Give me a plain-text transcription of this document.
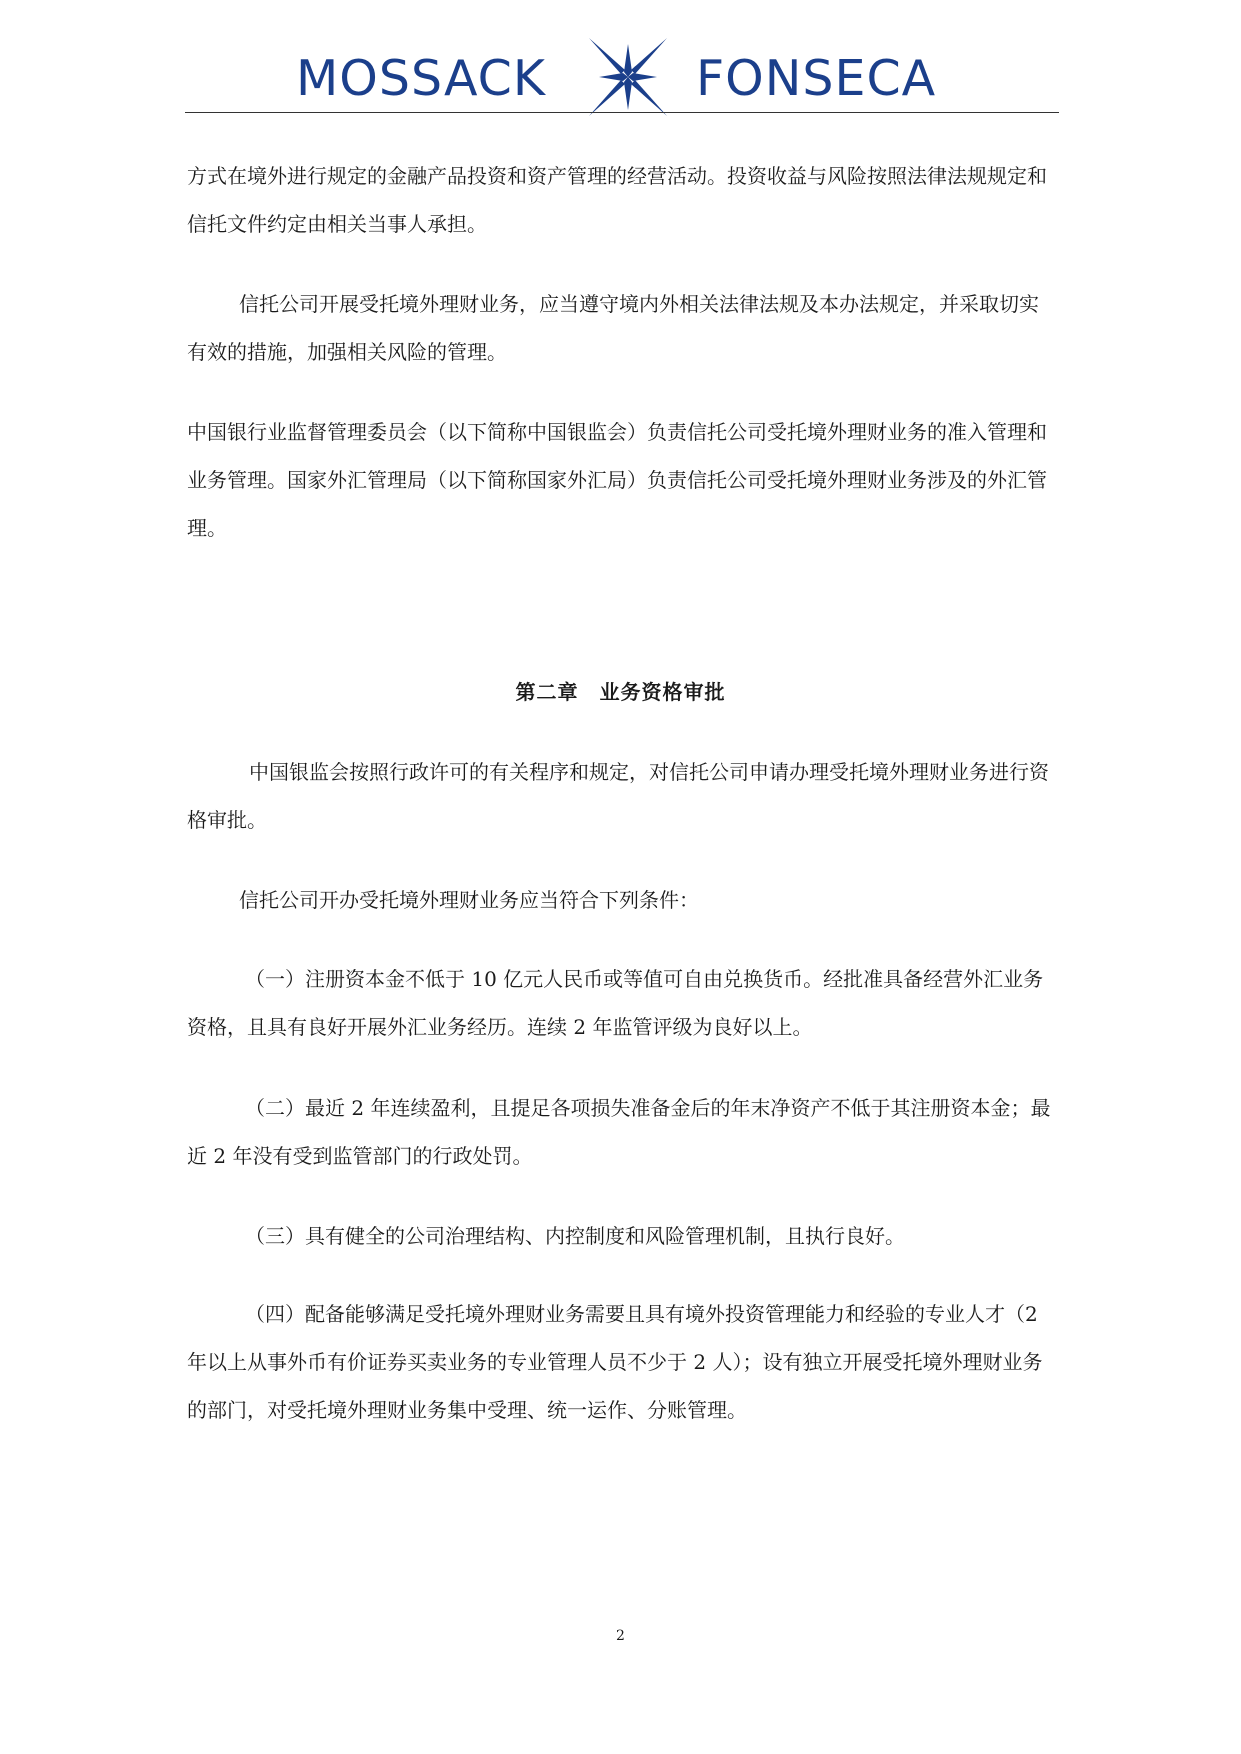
MOSSACK	FONSECA

方式在境外进行规定的金融产品投资和资产管理的经营活动。投资收益与风险按照法律法规规定和信托文件约定由相关当事人承担。

信托公司开展受托境外理财业务，应当遵守境内外相关法律法规及本办法规定，并采取切实有效的措施，加强相关风险的管理。

中国银行业监督管理委员会（以下简称中国银监会）负责信托公司受托境外理财业务的准入管理和业务管理。国家外汇管理局（以下简称国家外汇局）负责信托公司受托境外理财业务涉及的外汇管理。

第二章　业务资格审批

中国银监会按照行政许可的有关程序和规定，对信托公司申请办理受托境外理财业务进行资格审批。

信托公司开办受托境外理财业务应当符合下列条件：

（一）注册资本金不低于 10 亿元人民币或等值可自由兑换货币。经批准具备经营外汇业务资格，且具有良好开展外汇业务经历。连续 2 年监管评级为良好以上。

（二）最近 2 年连续盈利，且提足各项损失准备金后的年末净资产不低于其注册资本金；最近 2 年没有受到监管部门的行政处罚。

（三）具有健全的公司治理结构、内控制度和风险管理机制，且执行良好。

（四）配备能够满足受托境外理财业务需要且具有境外投资管理能力和经验的专业人才（2 年以上从事外币有价证券买卖业务的专业管理人员不少于 2 人）；设有独立开展受托境外理财业务的部门，对受托境外理财业务集中受理、统一运作、分账管理。

2
